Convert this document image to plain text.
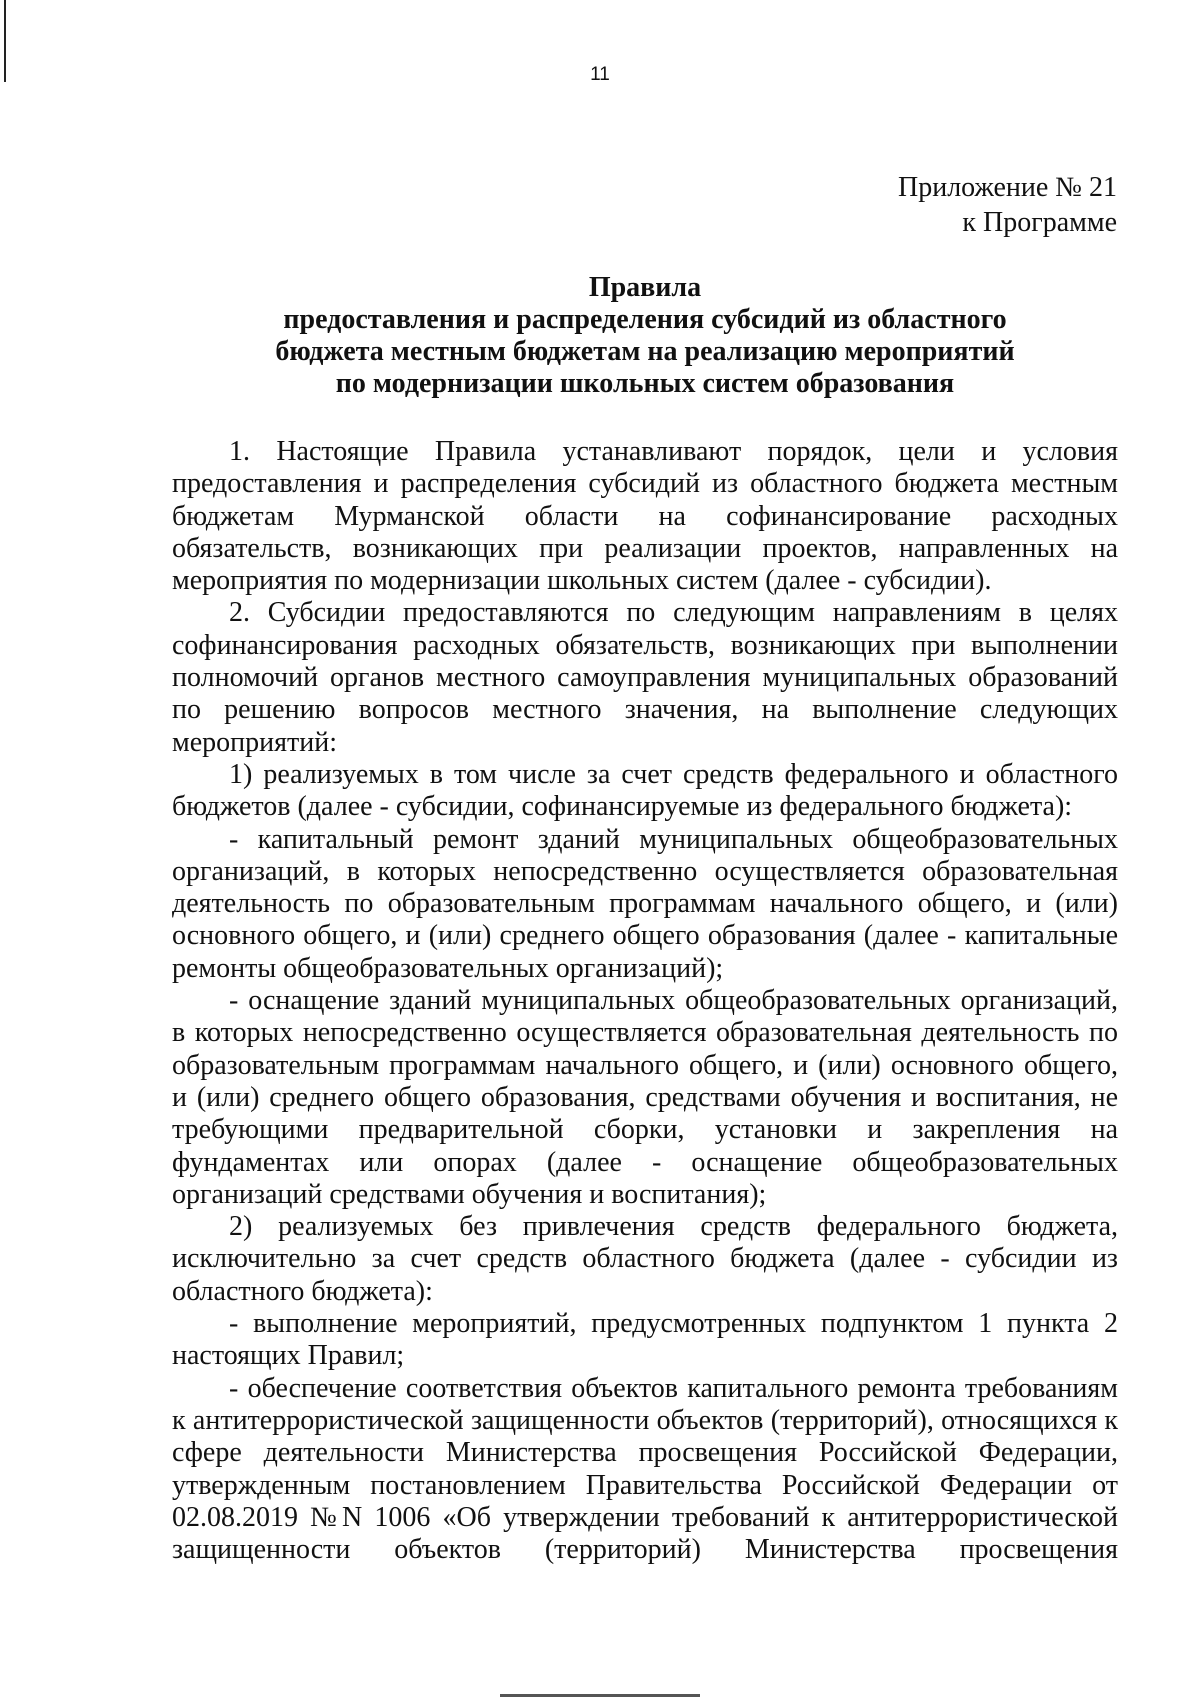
11
Приложение № 21
к Программе
Правила
предоставления и распределения субсидий из областного
бюджета местным бюджетам на реализацию мероприятий
по модернизации школьных систем образования

1. Настоящие Правила устанавливают порядок, цели и условия предоставления и распределения субсидий из областного бюджета местным бюджетам Мурманской области на софинансирование расходных обязательств, возникающих при реализации проектов, направленных на мероприятия по модернизации школьных систем (далее - субсидии).

2. Субсидии предоставляются по следующим направлениям в целях софинансирования расходных обязательств, возникающих при выполнении полномочий органов местного самоуправления муниципальных образований по решению вопросов местного значения, на выполнение следующих мероприятий:

1) реализуемых в том числе за счет средств федерального и областного бюджетов (далее - субсидии, софинансируемые из федерального бюджета):

- капитальный ремонт зданий муниципальных общеобразовательных организаций, в которых непосредственно осуществляется образовательная деятельность по образовательным программам начального общего, и (или) основного общего, и (или) среднего общего образования (далее - капитальные ремонты общеобразовательных организаций);

- оснащение зданий муниципальных общеобразовательных организаций, в которых непосредственно осуществляется образовательная деятельность по образовательным программам начального общего, и (или) основного общего, и (или) среднего общего образования, средствами обучения и воспитания, не требующими предварительной сборки, установки и закрепления на фундаментах или опорах (далее - оснащение общеобразовательных организаций средствами обучения и воспитания);

2) реализуемых без привлечения средств федерального бюджета, исключительно за счет средств областного бюджета (далее - субсидии из областного бюджета):

- выполнение мероприятий, предусмотренных подпунктом 1 пункта 2 настоящих Правил;

- обеспечение соответствия объектов капитального ремонта требованиям к антитеррористической защищенности объектов (территорий), относящихся к сфере деятельности Министерства просвещения Российской Федерации, утвержденным постановлением Правительства Российской Федерации от 02.08.2019 №N 1006 «Об утверждении требований к антитеррористической защищенности объектов (территорий) Министерства просвещения
